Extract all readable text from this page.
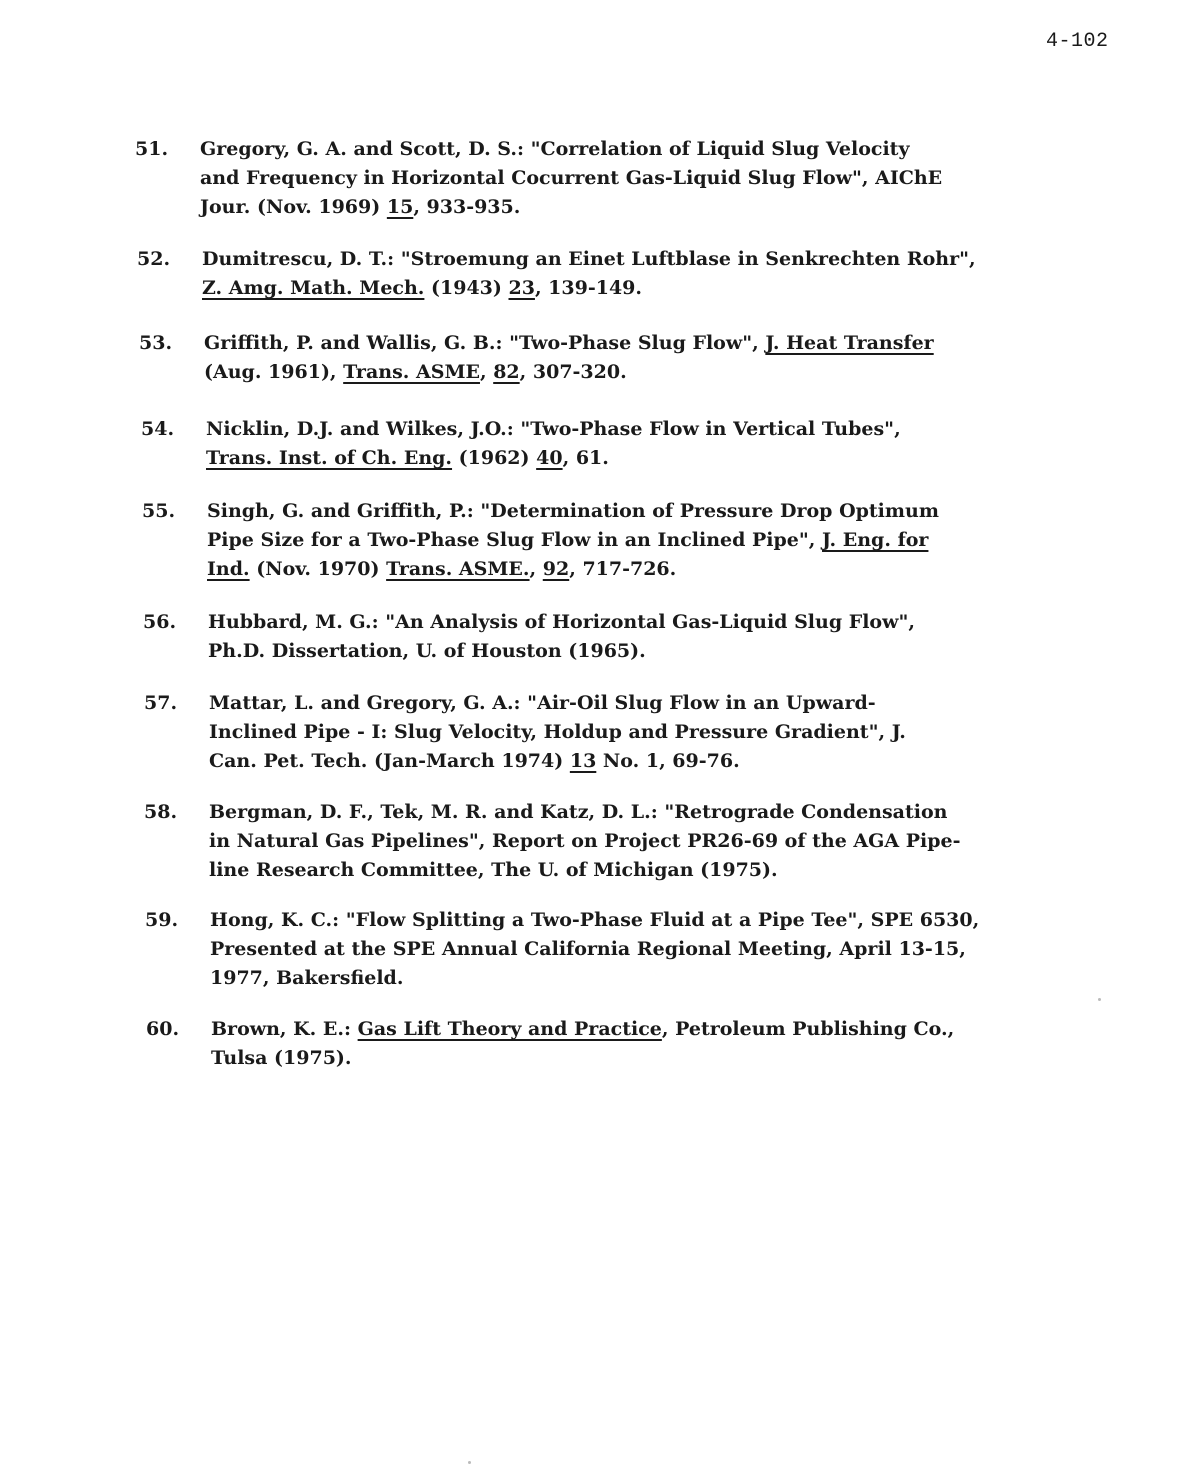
4-102
51.	Gregory, G. A. and Scott, D. S.: "Correlation of Liquid Slug Velocity
and Frequency in Horizontal Cocurrent Gas-Liquid Slug Flow", AIChE
Jour. (Nov. 1969) 15, 933-935.
52.	Dumitrescu, D. T.: "Stroemung an Einet Luftblase in Senkrechten Rohr",
Z. Amg. Math. Mech. (1943) 23, 139-149.
53.	Griffith, P. and Wallis, G. B.: "Two-Phase Slug Flow", J. Heat Transfer
(Aug. 1961), Trans. ASME, 82, 307-320.
54.	Nicklin, D.J. and Wilkes, J.O.: "Two-Phase Flow in Vertical Tubes",
Trans. Inst. of Ch. Eng. (1962) 40, 61.
55.	Singh, G. and Griffith, P.: "Determination of Pressure Drop Optimum
Pipe Size for a Two-Phase Slug Flow in an Inclined Pipe", J. Eng. for
Ind. (Nov. 1970) Trans. ASME., 92, 717-726.
56.	Hubbard, M. G.: "An Analysis of Horizontal Gas-Liquid Slug Flow",
Ph.D. Dissertation, U. of Houston (1965).
57.	Mattar, L. and Gregory, G. A.: "Air-Oil Slug Flow in an Upward-
Inclined Pipe - I: Slug Velocity, Holdup and Pressure Gradient", J.
Can. Pet. Tech. (Jan-March 1974) 13 No. 1, 69-76.
58.	Bergman, D. F., Tek, M. R. and Katz, D. L.: "Retrograde Condensation
in Natural Gas Pipelines", Report on Project PR26-69 of the AGA Pipe-
line Research Committee, The U. of Michigan (1975).
59.	Hong, K. C.: "Flow Splitting a Two-Phase Fluid at a Pipe Tee", SPE 6530,
Presented at the SPE Annual California Regional Meeting, April 13-15,
1977, Bakersfield.
60.	Brown, K. E.: Gas Lift Theory and Practice, Petroleum Publishing Co.,
Tulsa (1975).
